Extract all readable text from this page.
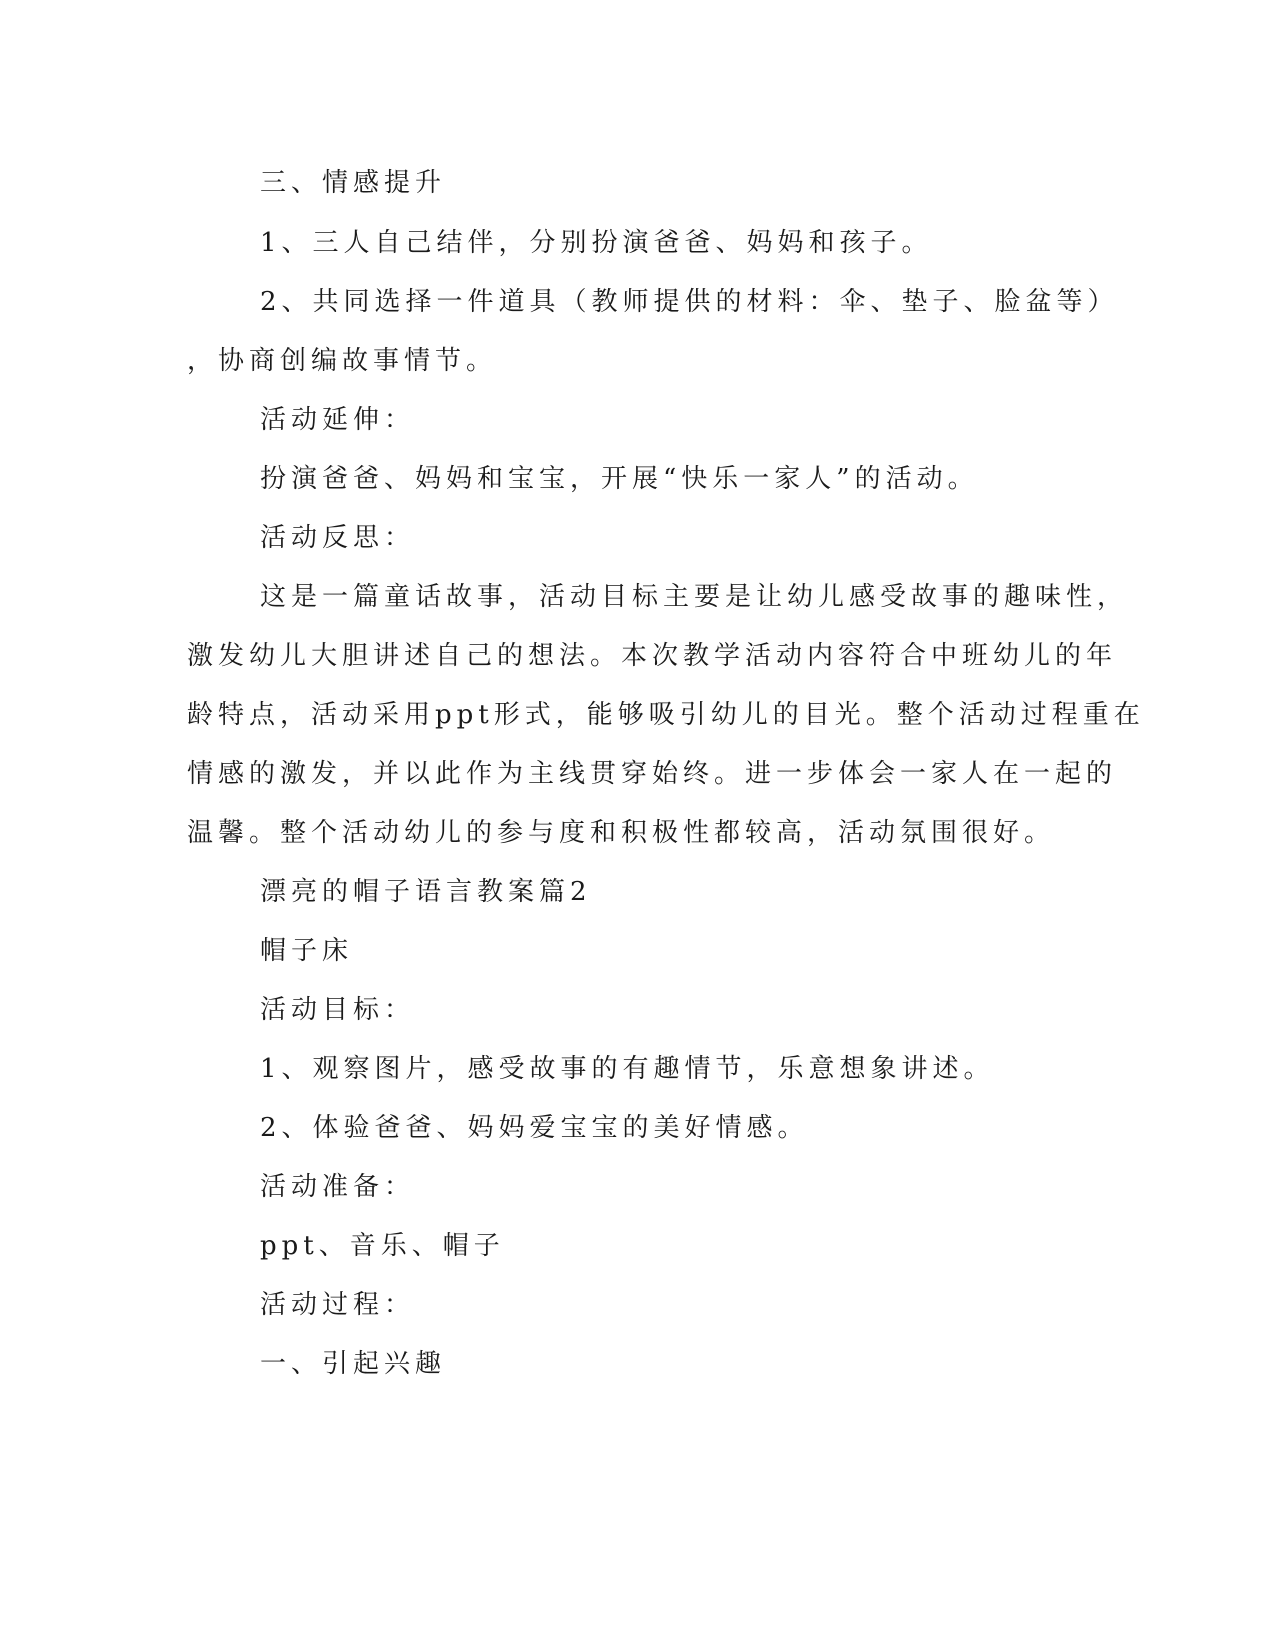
三、情感提升
1、三人自己结伴，分别扮演爸爸、妈妈和孩子。
2、共同选择一件道具（教师提供的材料：伞、垫子、脸盆等）
，协商创编故事情节。
活动延伸：
扮演爸爸、妈妈和宝宝，开展“快乐一家人”的活动。
活动反思：
这是一篇童话故事，活动目标主要是让幼儿感受故事的趣味性，
激发幼儿大胆讲述自己的想法。本次教学活动内容符合中班幼儿的年
龄特点，活动采用ppt形式，能够吸引幼儿的目光。整个活动过程重在
情感的激发，并以此作为主线贯穿始终。进一步体会一家人在一起的
温馨。整个活动幼儿的参与度和积极性都较高，活动氛围很好。
漂亮的帽子语言教案篇2
帽子床
活动目标：
1、观察图片，感受故事的有趣情节，乐意想象讲述。
2、体验爸爸、妈妈爱宝宝的美好情感。
活动准备：
ppt、音乐、帽子
活动过程：
一、引起兴趣
